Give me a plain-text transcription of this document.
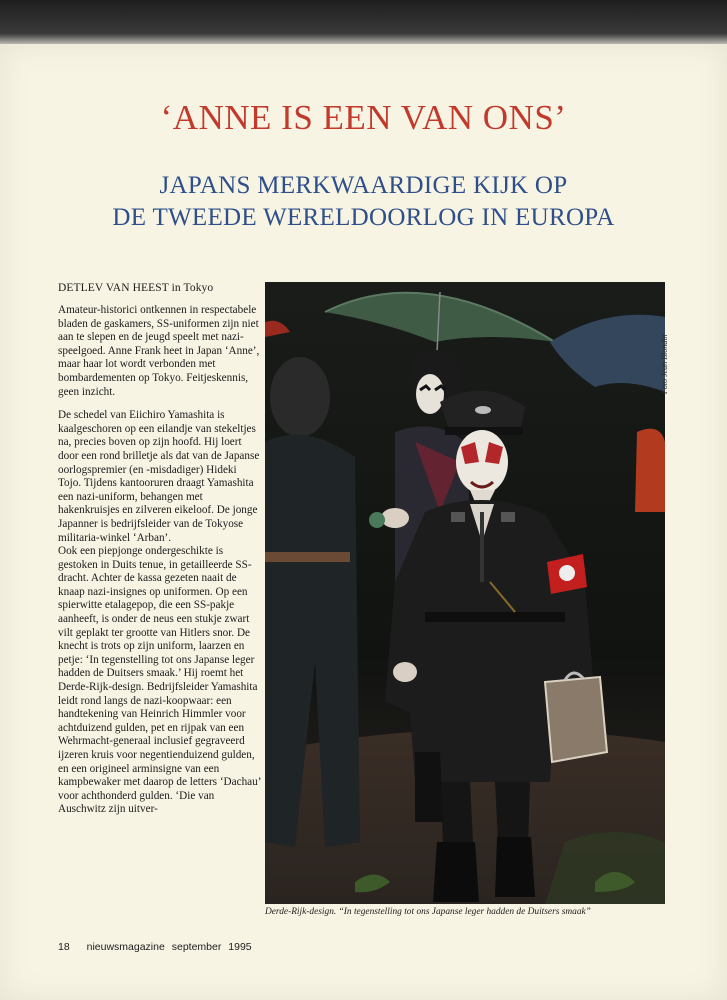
‘ANNE IS EEN VAN ONS’
JAPANS MERKWAARDIGE KIJK OP
DE TWEEDE WERELDOORLOG IN EUROPA
DETLEV VAN HEEST in Tokyo

Amateur-historici ontkennen in respectabele bladen de gaskamers, SS-uniformen zijn niet aan te slepen en de jeugd speelt met nazi-speelgoed. Anne Frank heet in Japan ‘Anne’, maar haar lot wordt verbonden met bombardementen op Tokyo. Feitjeskennis, geen inzicht.

De schedel van Eiichiro Yamashita is kaalgeschoren op een eilandje van stekeltjes na, precies boven op zijn hoofd. Hij loert door een rond brilletje als dat van de Japanse oorlogspremier (en -misdadiger) Hideki Tojo. Tijdens kantooruren draagt Yamashita een nazi-uniform, behangen met hakenkruisjes en zilveren eikeloof. De jonge Japanner is bedrijfsleider van de Tokyose militaria-winkel ‘Arban’.

Ook een piepjonge ondergeschikte is gestoken in Duits tenue, in getailleerde SS-dracht. Achter de kassa gezeten naait de knaap nazi-insignes op uniformen. Op een spierwitte etalagepop, die een SS-pakje aanheeft, is onder de neus een stukje zwart vilt geplakt ter grootte van Hitlers snor. De knecht is trots op zijn uniform, laarzen en petje: ‘In tegenstelling tot ons Japanse leger hadden de Duitsers smaak.’ Hij roemt het Derde-Rijk-design. Bedrijfsleider Yamashita leidt rond langs de nazi-koopwaar: een handtekening van Heinrich Himmler voor achtduizend gulden, pet en rijpak van een Wehrmacht-generaal inclusief gegraveerd ijzeren kruis voor negentienduizend gulden, en een origineel arminsigne van een kampbewaker met daarop de letters ‘Dachau’ voor achthonderd gulden. ‘Die van Auschwitz zijn uitver-

Foto Jean Blondin
Derde-Rijk-design. “In tegenstelling tot ons Japanse leger hadden de Duitsers smaak”
18 nieuwsmagazine september 1995
